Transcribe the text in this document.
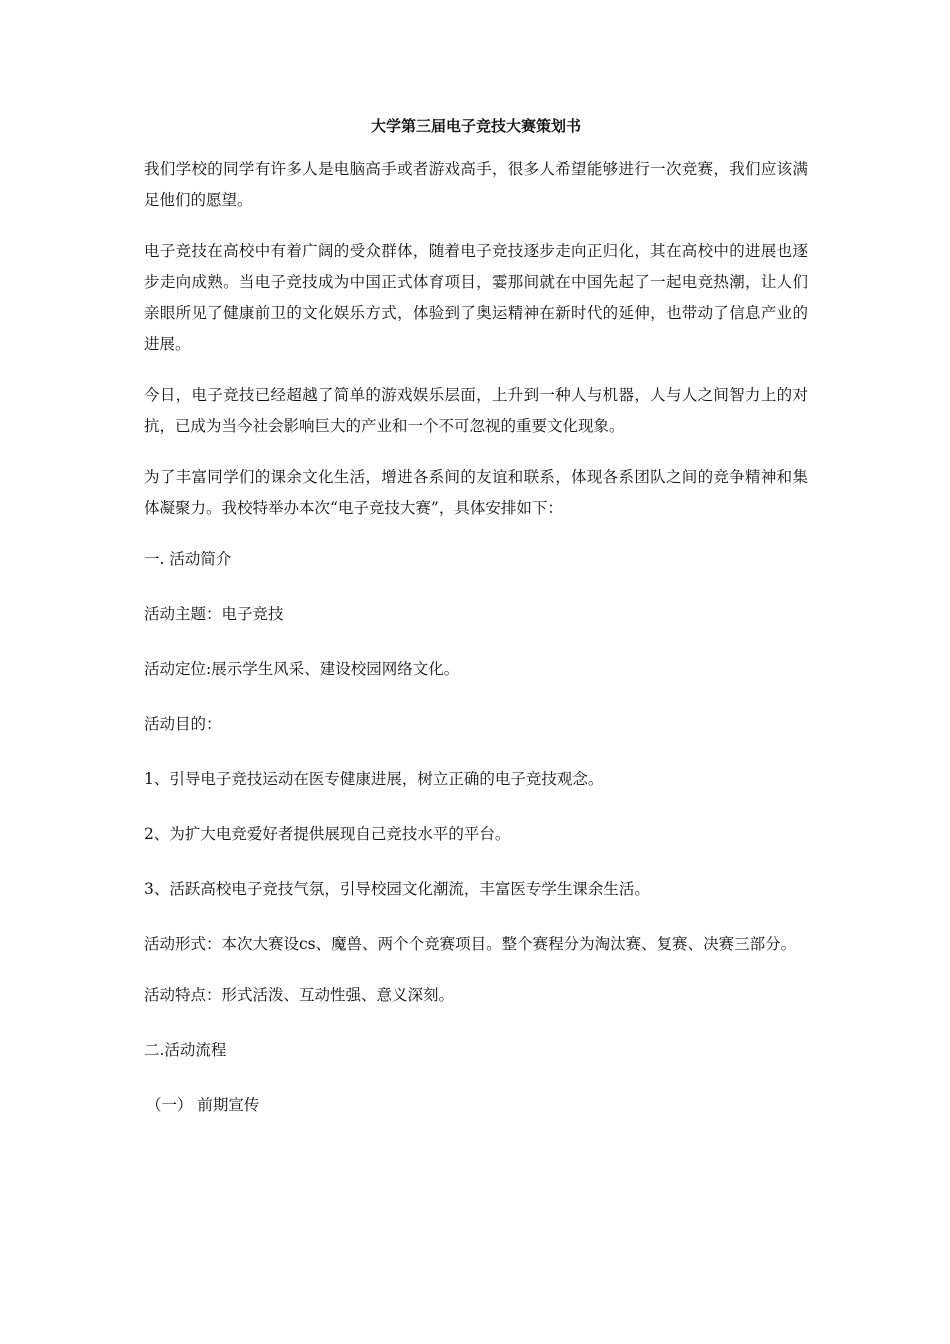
大学第三届电子竞技大赛策划书

我们学校的同学有许多人是电脑高手或者游戏高手，很多人希望能够进行一次竞赛，我们应该满足他们的愿望。

电子竞技在高校中有着广阔的受众群体，随着电子竞技逐步走向正归化，其在高校中的进展也逐步走向成熟。当电子竞技成为中国正式体育项目，霎那间就在中国先起了一起电竞热潮，让人们亲眼所见了健康前卫的文化娱乐方式，体验到了奥运精神在新时代的延伸，也带动了信息产业的进展。

今日，电子竞技已经超越了简单的游戏娱乐层面，上升到一种人与机器，人与人之间智力上的对抗，已成为当今社会影响巨大的产业和一个不可忽视的重要文化现象。

为了丰富同学们的课余文化生活，增进各系间的友谊和联系，体现各系团队之间的竞争精神和集体凝聚力。我校特举办本次“电子竞技大赛”，具体安排如下：

一. 活动简介

活动主题：电子竞技

活动定位:展示学生风采、建设校园网络文化。

活动目的：

1、引导电子竞技运动在医专健康进展，树立正确的电子竞技观念。

2、为扩大电竞爱好者提供展现自己竞技水平的平台。

3、活跃高校电子竞技气氛，引导校园文化潮流，丰富医专学生课余生活。

活动形式：本次大赛设cs、魔兽、两个个竞赛项目。整个赛程分为淘汰赛、复赛、决赛三部分。

活动特点：形式活泼、互动性强、意义深刻。

二.活动流程

（一） 前期宣传
